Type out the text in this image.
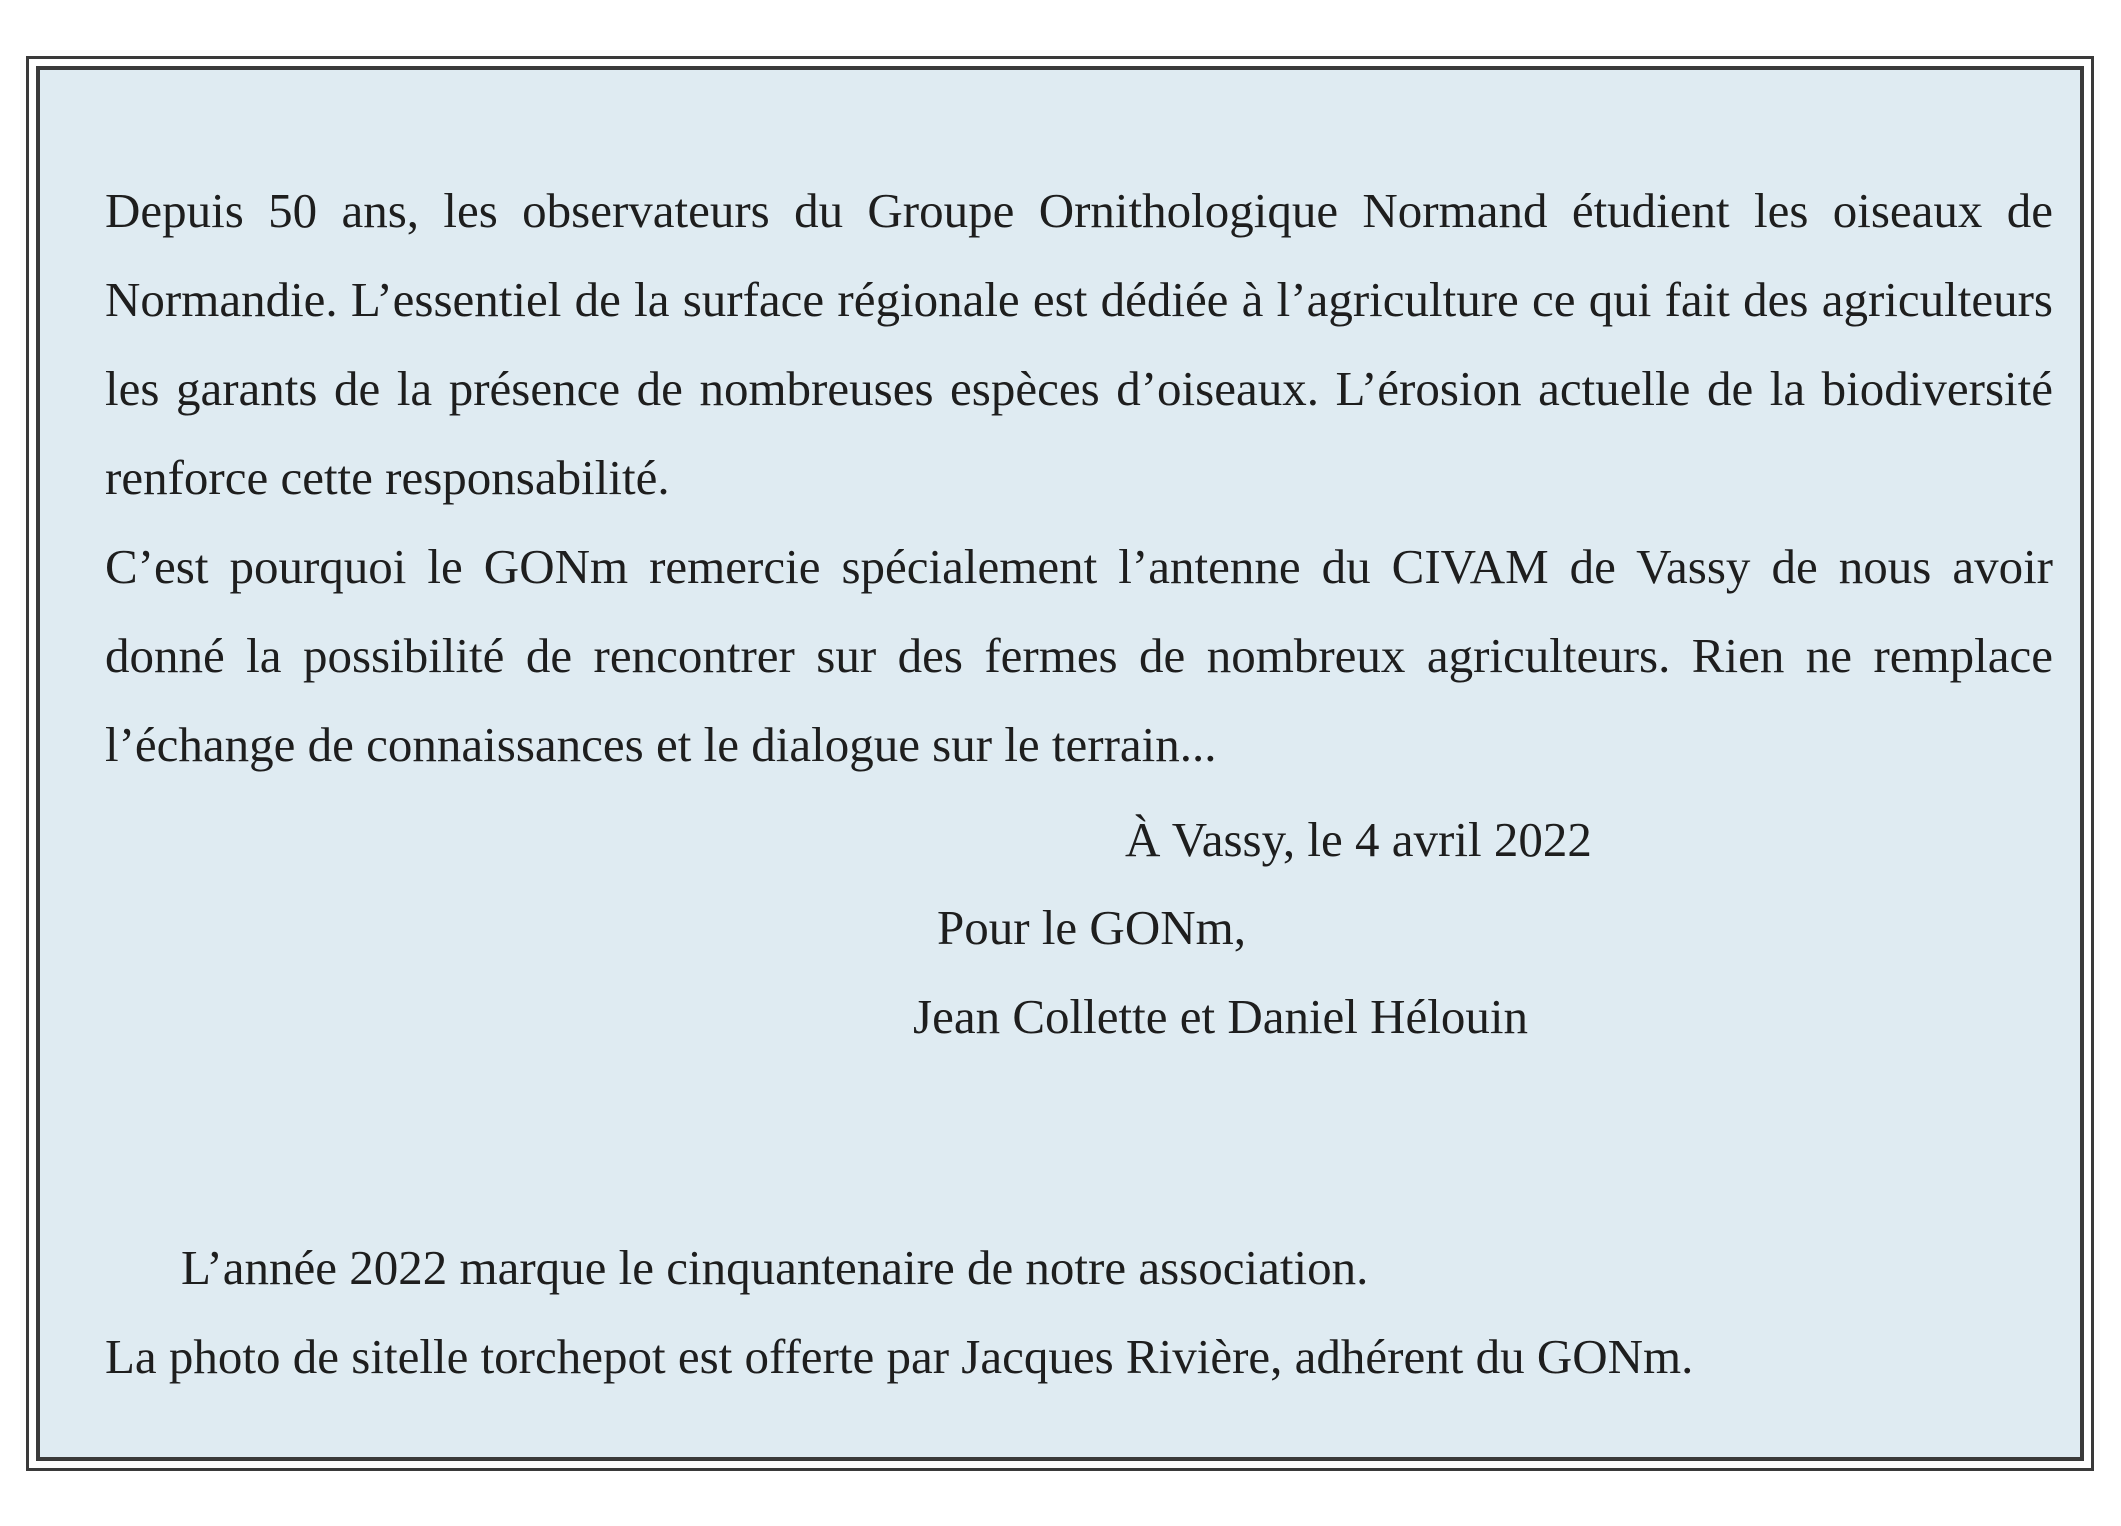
Depuis 50 ans, les observateurs du Groupe Ornithologique Normand étudient les oiseaux de Normandie. L’essentiel de la surface régionale est dédiée à l’agriculture ce qui fait des agriculteurs les garants de la présence de nombreuses espèces d’oiseaux. L’érosion actuelle de la biodiversité renforce cette responsabilité.

C’est pourquoi le GONm remercie spécialement l’antenne du CIVAM de Vassy de nous avoir donné la possibilité de rencontrer sur des fermes de nombreux agriculteurs. Rien ne remplace l’échange de connaissances et le dialogue sur le terrain...

À Vassy, le 4 avril 2022

Pour le GONm,

Jean Collette et Daniel Hélouin

L’année 2022 marque le cinquantenaire de notre association.

La photo de sitelle torchepot est offerte par Jacques Rivière, adhérent du GONm.
